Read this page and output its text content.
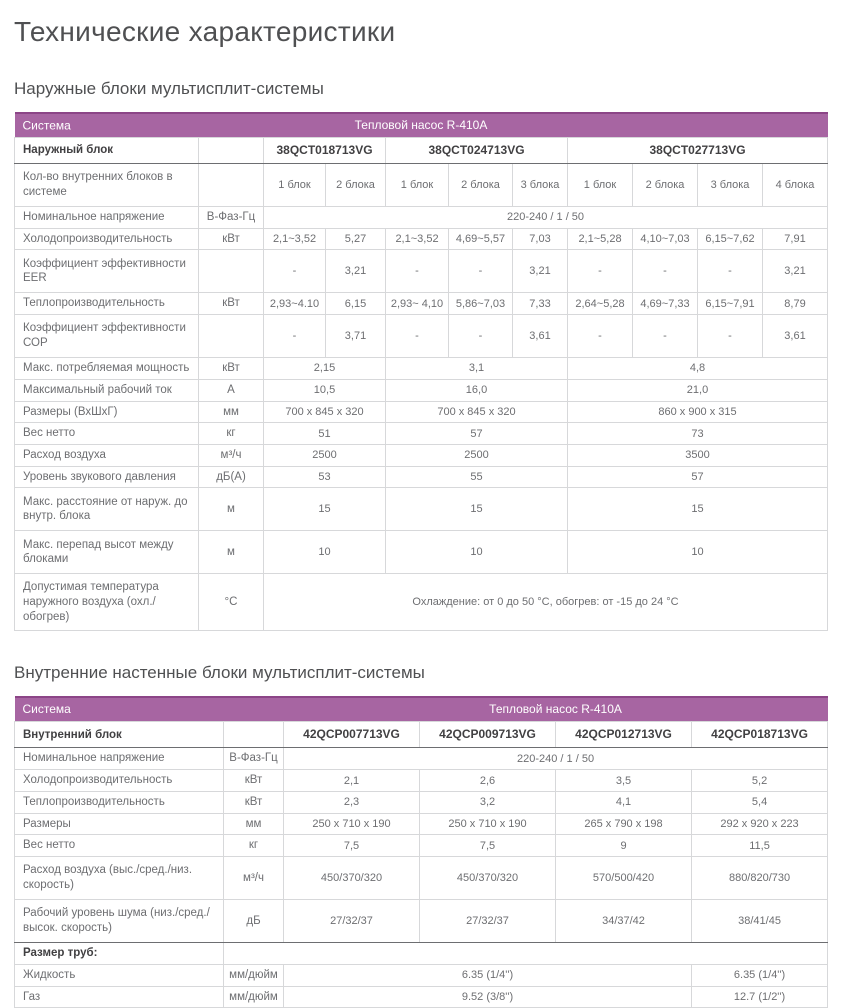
Технические характеристики
Наружные блоки мультисплит-системы
Система Тепловой насос R-410A										
Наружный блок		38QCT018713VG		38QCT024713VG			38QCT027713VG			
Кол-во внутренних блоков в системе		1 блок	2 блока	1 блок	2 блока	3 блока	1 блок	2 блока	3 блока	4 блока
Номинальное напряжение	В-Фаз-Гц	220-240 / 1 / 50								
Холодопроизводительность	кВт	2,1~3,52	5,27	2,1~3,52	4,69~5,57	7,03	2,1~5,28	4,10~7,03	6,15~7,62	7,91
Коэффициент эффективности EER		-	3,21	-	-	3,21	-	-	-	3,21
Теплопроизводительность	кВт	2,93~4.10	6,15	2,93~ 4,10	5,86~7,03	7,33	2,64~5,28	4,69~7,33	6,15~7,91	8,79
Коэффициент эффективности СОР		-	3,71	-	-	3,61	-	-	-	3,61
Макс. потребляемая мощность	кВт	2,15		3,1			4,8			
Максимальный рабочий ток	А	10,5		16,0			21,0			
Размеры (ВхШхГ)	мм	700 x 845 x 320		700 x 845 x 320			860 x 900 x 315			
Вес нетто	кг	51		57			73			
Расход воздуха	м³/ч	2500		2500			3500			
Уровень звукового давления	дБ(А)	53		55			57			
Макс. расстояние от наруж. до внутр. блока	м	15		15			15			
Макс. перепад высот между блоками	м	10		10			10			
Допустимая температура наружного воздуха (охл./обогрев)	°С	Охлаждение: от 0 до 50 °С, обогрев: от -15 до 24 °С								
Внутренние настенные блоки мультисплит-системы
Система		Тепловой насос R-410A			
Внутренний блок		42QCP007713VG	42QCP009713VG	42QCP012713VG	42QCP018713VG
Номинальное напряжение	В-Фаз-Гц	220-240 / 1 / 50			
Холодопроизводительность	кВт	2,1	2,6	3,5	5,2
Теплопроизводительность	кВт	2,3	3,2	4,1	5,4
Размеры	мм	250 x 710 x 190	250 x 710 x 190	265 x 790 x 198	292 x 920 x 223
Вес нетто	кг	7,5	7,5	9	11,5
Расход воздуха (выс./сред./низ. скорость)	м³/ч	450/370/320	450/370/320	570/500/420	880/820/730
Рабочий уровень шума (низ./сред./высок. скорость)	дБ	27/32/37	27/32/37	34/37/42	38/41/45
Размер труб:					
Жидкость	мм/дюйм	6.35 (1/4'')			6.35 (1/4'')
Газ	мм/дюйм	9.52 (3/8'')			12.7 (1/2'')
